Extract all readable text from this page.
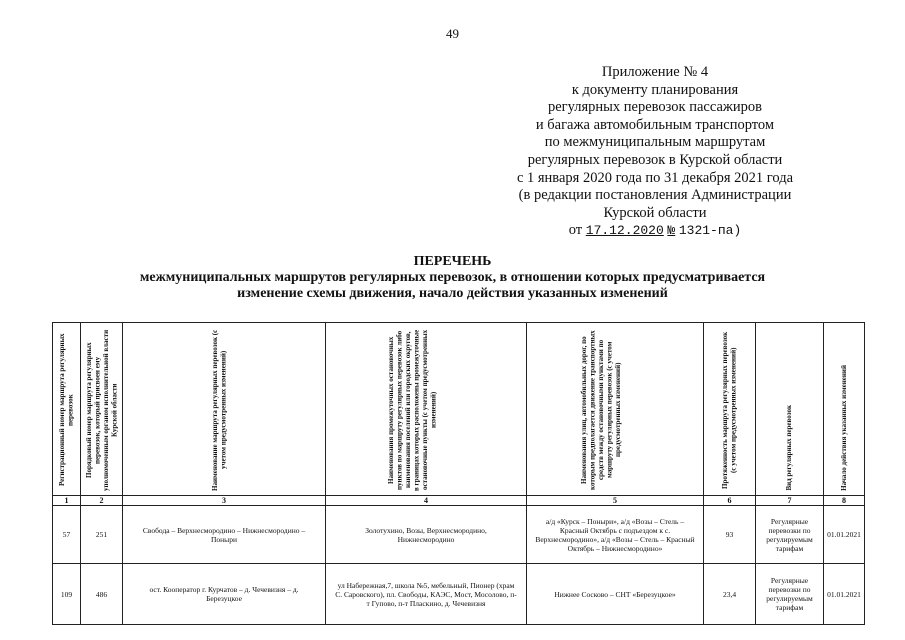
49
Приложение № 4
к документу планирования
регулярных перевозок пассажиров
и багажа автомобильным транспортом
по межмуниципальным маршрутам
регулярных перевозок в Курской области
с 1 января 2020 года по 31 декабря 2021 года
(в редакции постановления Администрации
Курской области
от 17.12.2020 № 1321-па)
ПЕРЕЧЕНЬ
межмуниципальных маршрутов регулярных перевозок, в отношении которых предусматривается
изменение схемы движения, начало действия указанных изменений
Регистрационный номер маршрута регулярных перевозок	Порядковый номер маршрута регулярных перевозок, который присвоен ему уполномоченным органом исполнительной власти Курской области	Наименование маршрута регулярных перевозок (с учетом предусмотренных изменений)	Наименования промежуточных остановочных пунктов по маршруту регулярных перевозок либо наименования поселений или городских округов, в границах которых расположены промежуточные остановочные пункты (с учетом предусмотренных изменений)	Наименования улиц, автомобильных дорог, по которым предполагается движение транспортных средств между остановочными пунктами по маршруту регулярных перевозок (с учетом предусмотренных изменений)	Протяженность маршрута регулярных перевозок (с учетом предусмотренных изменений)	Вид регулярных перевозок	Начало действия указанных изменений

1	2	3	4	5	6	7	8
57	251	Свобода – Верхнесмородино – Нижнесмородино – Поныри	Золотухино, Возы, Верхнесмородино, Нижнесмородино	а/д «Курск – Поныри», а/д «Возы – Стель – Красный Октябрь с подъездом к с. Верхнесмородино», а/д «Возы – Стель – Красный Октябрь – Нижнесмородино»	93	Регулярные перевозки по регулируемым тарифам	01.01.2021
109	486	ост. Кооператор г. Курчатов – д. Чечевизня – д. Березуцкое	ул Набережная,7, школа №5, мебельный, Пионер (храм С. Саровского), пл. Свободы, КАЭС, Мост, Мосолово, п-т Гупово, п-т Пласкино, д. Чечевизня	Нижнее Сосково – СНТ «Березуцкое»	23,4	Регулярные перевозки по регулируемым тарифам	01.01.2021
